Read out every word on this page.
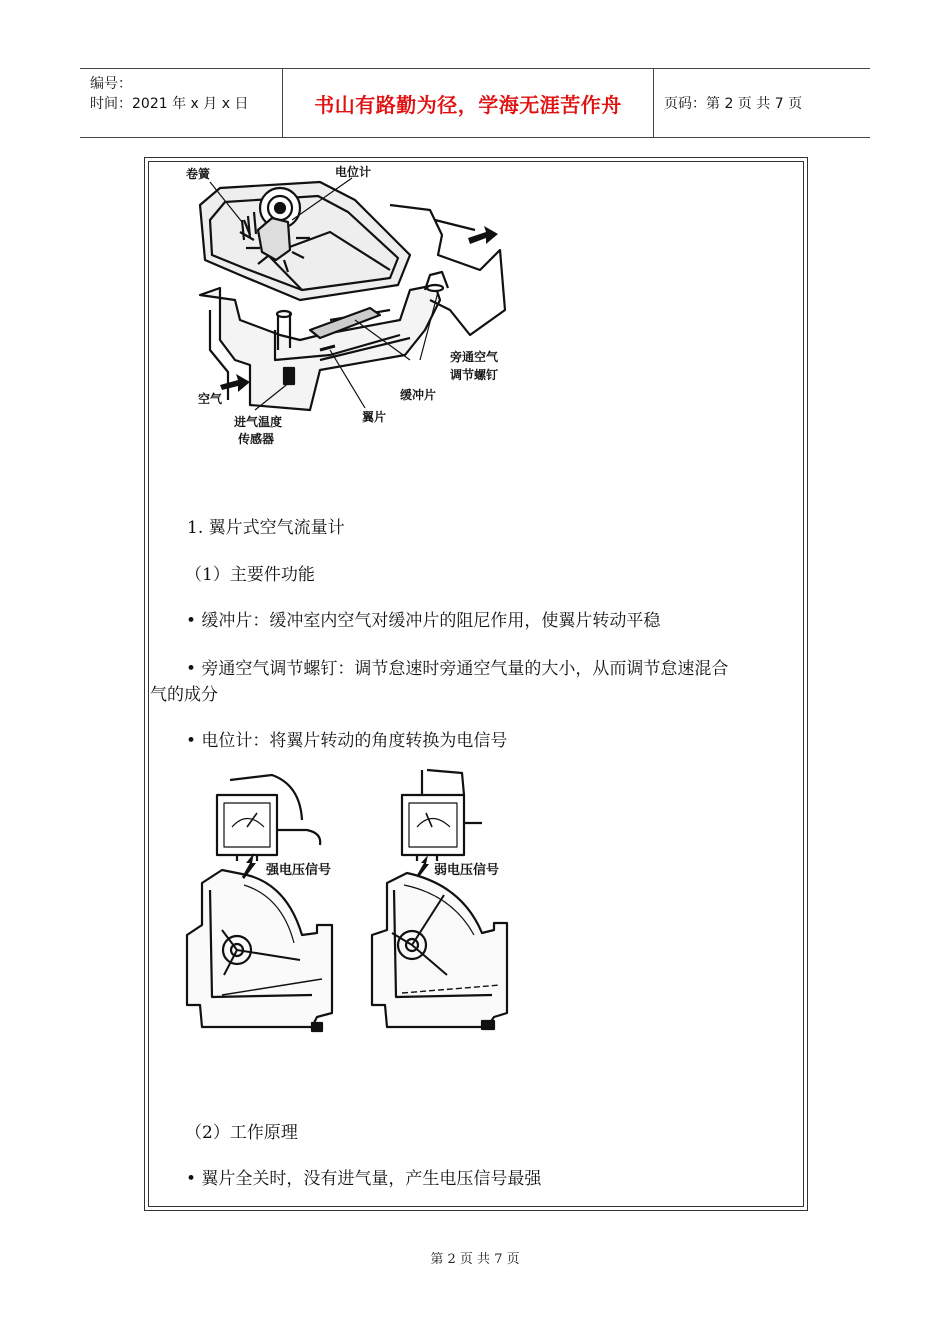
编号：
时间：2021 年 x 月 x 日	书山有路勤为径，学海无涯苦作舟	页码：第 2 页 共 7 页
卷簧	电位计
旁通空气
调节螺钉
缓冲片
空气
翼片
进气温度
传感器
1. 翼片式空气流量计
（1）主要件功能
• 缓冲片：缓冲室内空气对缓冲片的阻尼作用，使翼片转动平稳
• 旁通空气调节螺钉：调节怠速时旁通空气量的大小，从而调节怠速混合
气的成分
• 电位计：将翼片转动的角度转换为电信号
强电压信号	弱电压信号
（2）工作原理
• 翼片全关时，没有进气量，产生电压信号最强
第 2 页 共 7 页
